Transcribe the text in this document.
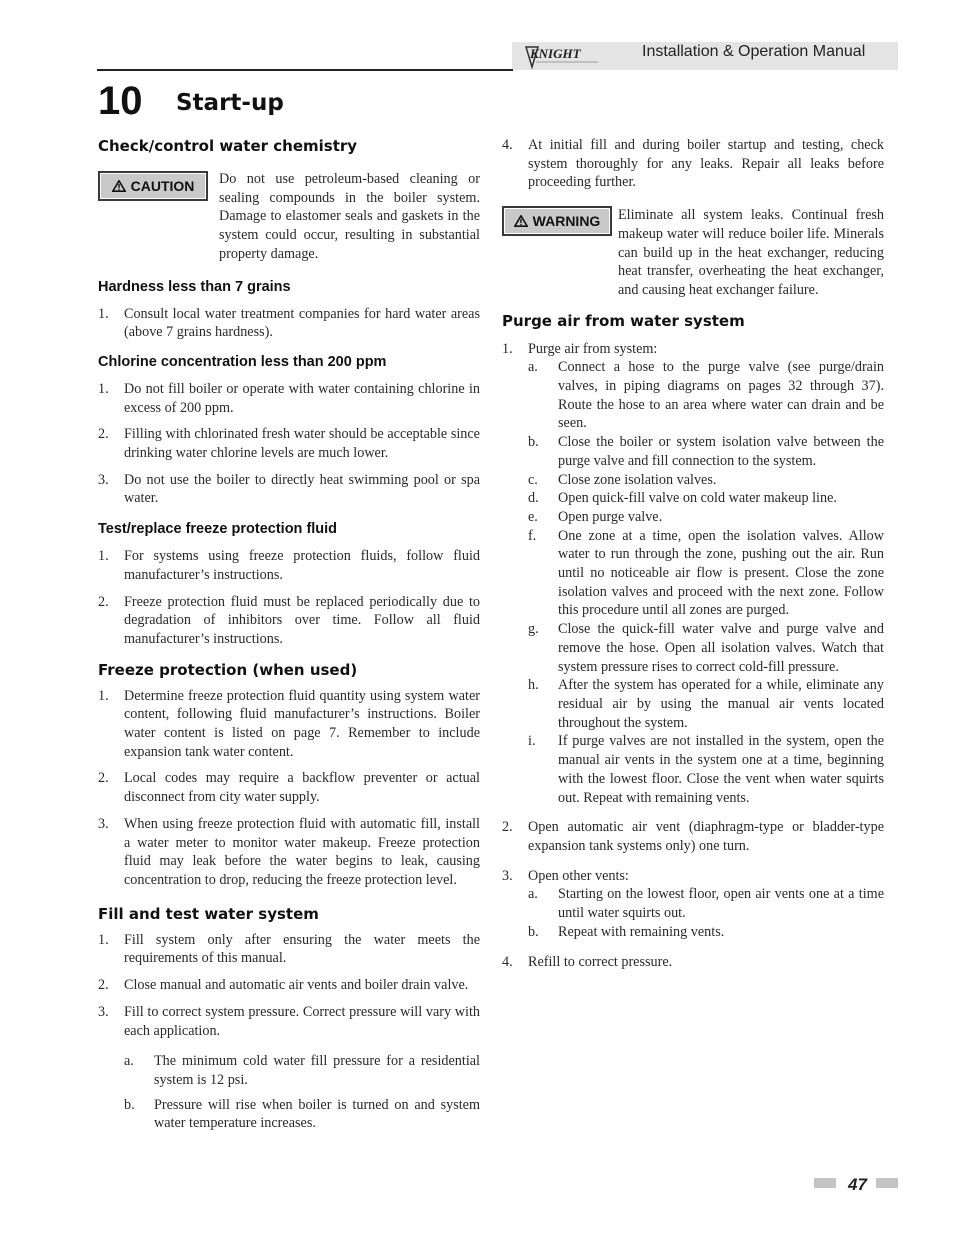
KNIGHT	Installation & Operation Manual
10 Start-up
Check/control water chemistry
CAUTION Do not use petroleum-based cleaning or sealing compounds in the boiler system. Damage to elastomer seals and gaskets in the system could occur, resulting in substantial property damage.

Hardness less than 7 grains
1. Consult local water treatment companies for hard water areas (above 7 grains hardness).
Chlorine concentration less than 200 ppm
1. Do not fill boiler or operate with water containing chlorine in excess of 200 ppm.
2. Filling with chlorinated fresh water should be acceptable since drinking water chlorine levels are much lower.
3. Do not use the boiler to directly heat swimming pool or spa water.
Test/replace freeze protection fluid
1. For systems using freeze protection fluids, follow fluid manufacturer’s instructions.
2. Freeze protection fluid must be replaced periodically due to degradation of inhibitors over time. Follow all fluid manufacturer’s instructions.
Freeze protection (when used)
1. Determine freeze protection fluid quantity using system water content, following fluid manufacturer’s instructions. Boiler water content is listed on page 7. Remember to include expansion tank water content.
2. Local codes may require a backflow preventer or actual disconnect from city water supply.
3. When using freeze protection fluid with automatic fill, install a water meter to monitor water makeup. Freeze protection fluid may leak before the water begins to leak, causing concentration to drop, reducing the freeze protection level.
Fill and test water system
1. Fill system only after ensuring the water meets the requirements of this manual.
2. Close manual and automatic air vents and boiler drain valve.
3. Fill to correct system pressure. Correct pressure will vary with each application.
a. The minimum cold water fill pressure for a residential system is 12 psi.
b. Pressure will rise when boiler is turned on and system water temperature increases.
4. At initial fill and during boiler startup and testing, check system thoroughly for any leaks. Repair all leaks before proceeding further.
WARNING Eliminate all system leaks. Continual fresh makeup water will reduce boiler life. Minerals can build up in the heat exchanger, reducing heat transfer, overheating the heat exchanger, and causing heat exchanger failure.

Purge air from water system
1. Purge air from system:
a. Connect a hose to the purge valve (see purge/drain valves, in piping diagrams on pages 32 through 37). Route the hose to an area where water can drain and be seen.
b. Close the boiler or system isolation valve between the purge valve and fill connection to the system.
c. Close zone isolation valves.
d. Open quick-fill valve on cold water makeup line.
e. Open purge valve.
f. One zone at a time, open the isolation valves. Allow water to run through the zone, pushing out the air. Run until no noticeable air flow is present. Close the zone isolation valves and proceed with the next zone. Follow this procedure until all zones are purged.
g. Close the quick-fill water valve and purge valve and remove the hose. Open all isolation valves. Watch that system pressure rises to correct cold-fill pressure.
h. After the system has operated for a while, eliminate any residual air by using the manual air vents located throughout the system.
i. If purge valves are not installed in the system, open the manual air vents in the system one at a time, beginning with the lowest floor. Close the vent when water squirts out. Repeat with remaining vents.
2. Open automatic air vent (diaphragm-type or bladder-type expansion tank systems only) one turn.
3. Open other vents:
a. Starting on the lowest floor, open air vents one at a time until water squirts out.
b. Repeat with remaining vents.
4. Refill to correct pressure.
47
